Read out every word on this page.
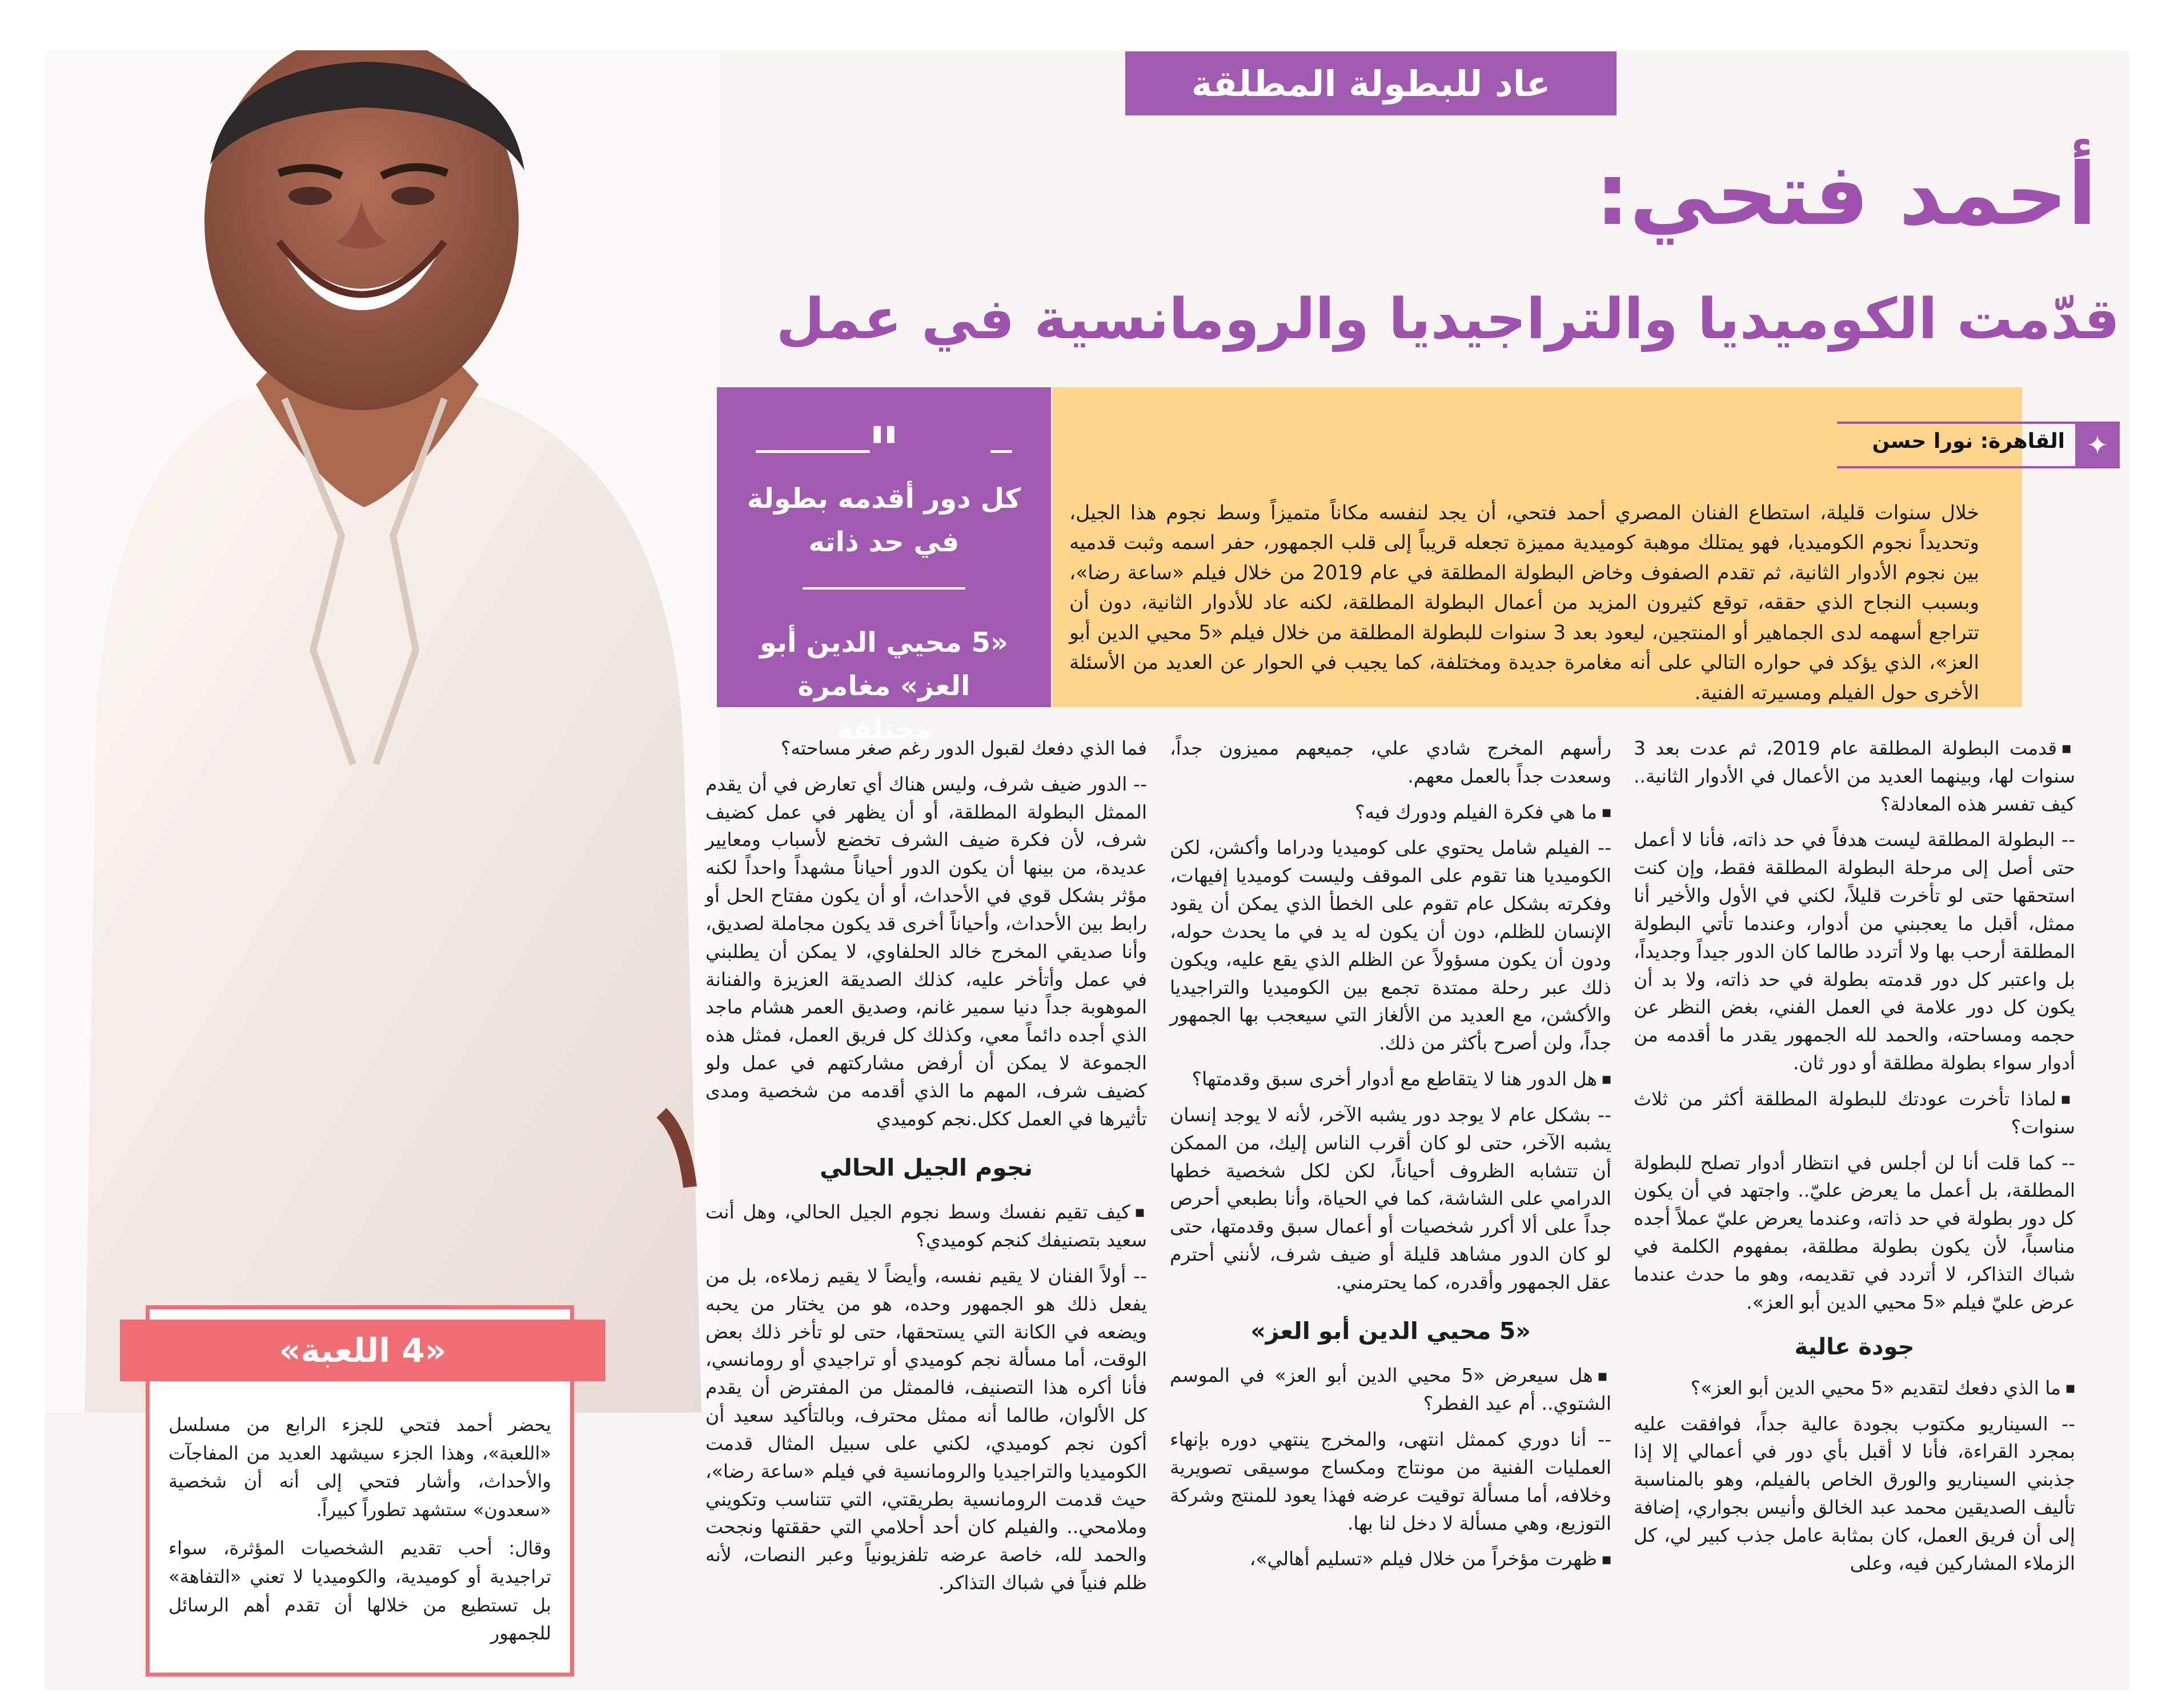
عاد للبطولة المطلقة
أحمد فتحي:
قدّمت الكوميديا والتراجيديا والرومانسية في عمل
"
كل دور أقدمه بطولة في حد ذاته
«5 محيي الدين أبو العز» مغامرة مختلفة
✦
القاهرة: نورا حسن
خلال سنوات قليلة، استطاع الفنان المصري أحمد فتحي، أن يجد لنفسه مكاناً متميزاً وسط نجوم هذا الجيل، وتحديداً نجوم الكوميديا، فهو يمتلك موهبة كوميدية مميزة تجعله قريباً إلى قلب الجمهور، حفر اسمه وثبت قدميه بين نجوم الأدوار الثانية، ثم تقدم الصفوف وخاض البطولة المطلقة في عام 2019 من خلال فيلم «ساعة رضا»، وبسبب النجاح الذي حققه، توقع كثيرون المزيد من أعمال البطولة المطلقة، لكنه عاد للأدوار الثانية، دون أن تتراجع أسهمه لدى الجماهير أو المنتجين، ليعود بعد 3 سنوات للبطولة المطلقة من خلال فيلم «5 محيي الدين أبو العز»، الذي يؤكد في حواره التالي على أنه مغامرة جديدة ومختلفة، كما يجيب في الحوار عن العديد من الأسئلة الأخرى حول الفيلم ومسيرته الفنية.

■قدمت البطولة المطلقة عام 2019، ثم عدت بعد 3 سنوات لها، وبينهما العديد من الأعمال في الأدوار الثانية.. كيف تفسر هذه المعادلة؟

-- البطولة المطلقة ليست هدفاً في حد ذاته، فأنا لا أعمل حتى أصل إلى مرحلة البطولة المطلقة فقط، وإن كنت استحقها حتى لو تأخرت قليلاً، لكني في الأول والأخير أنا ممثل، أقبل ما يعجبني من أدوار، وعندما تأتي البطولة المطلقة أرحب بها ولا أتردد طالما كان الدور جيداً وجديداً، بل واعتبر كل دور قدمته بطولة في حد ذاته، ولا بد أن يكون كل دور علامة في العمل الفني، بغض النظر عن حجمه ومساحته، والحمد لله الجمهور يقدر ما أقدمه من أدوار سواء بطولة مطلقة أو دور ثان.

■لماذا تأخرت عودتك للبطولة المطلقة أكثر من ثلاث سنوات؟

-- كما قلت أنا لن أجلس في انتظار أدوار تصلح للبطولة المطلقة، بل أعمل ما يعرض عليّ.. واجتهد في أن يكون كل دور بطولة في حد ذاته، وعندما يعرض عليّ عملاً أجده مناسباً، لأن يكون بطولة مطلقة، بمفهوم الكلمة في شباك التذاكر، لا أتردد في تقديمه، وهو ما حدث عندما عرض عليّ فيلم «5 محيي الدين أبو العز».

جودة عالية

■ما الذي دفعك لتقديم «5 محيي الدين أبو العز»؟

-- السيناريو مكتوب بجودة عالية جداً، فوافقت عليه بمجرد القراءة، فأنا لا أقبل بأي دور في أعمالي إلا إذا جذبني السيناريو والورق الخاص بالفيلم، وهو بالمناسبة تأليف الصديقين محمد عبد الخالق وأنيس بجواري، إضافة إلى أن فريق العمل، كان بمثابة عامل جذب كبير لي، كل الزملاء المشاركين فيه، وعلى

رأسهم المخرج شادي علي، جميعهم مميزون جداً، وسعدت جداً بالعمل معهم.

■ما هي فكرة الفيلم ودورك فيه؟

-- الفيلم شامل يحتوي على كوميديا ودراما وأكشن، لكن الكوميديا هنا تقوم على الموقف وليست كوميديا إفيهات، وفكرته بشكل عام تقوم على الخطأ الذي يمكن أن يقود الإنسان للظلم، دون أن يكون له يد في ما يحدث حوله، ودون أن يكون مسؤولاً عن الظلم الذي يقع عليه، ويكون ذلك عبر رحلة ممتدة تجمع بين الكوميديا والتراجيديا والأكشن، مع العديد من الألغاز التي سيعجب بها الجمهور جداً، ولن أصرح بأكثر من ذلك.

■هل الدور هنا لا يتقاطع مع أدوار أخرى سبق وقدمتها؟

-- بشكل عام لا يوجد دور يشبه الآخر، لأنه لا يوجد إنسان يشبه الآخر، حتى لو كان أقرب الناس إليك، من الممكن أن تتشابه الظروف أحياناً، لكن لكل شخصية خطها الدرامي على الشاشة، كما في الحياة، وأنا بطبعي أحرص جداً على ألا أكرر شخصيات أو أعمال سبق وقدمتها، حتى لو كان الدور مشاهد قليلة أو ضيف شرف، لأنني أحترم عقل الجمهور وأقدره، كما يحترمني.

«5 محيي الدين أبو العز»

■هل سيعرض «5 محيي الدين أبو العز» في الموسم الشتوي.. أم عيد الفطر؟

-- أنا دوري كممثل انتهى، والمخرج ينتهي دوره بإنهاء العمليات الفنية من مونتاج ومكساج موسيقى تصويرية وخلافه، أما مسألة توقيت عرضه فهذا يعود للمنتج وشركة التوزيع، وهي مسألة لا دخل لنا بها.

■ظهرت مؤخراً من خلال فيلم «تسليم أهالي»،

فما الذي دفعك لقبول الدور رغم صغر مساحته؟

-- الدور ضيف شرف، وليس هناك أي تعارض في أن يقدم الممثل البطولة المطلقة، أو أن يظهر في عمل كضيف شرف، لأن فكرة ضيف الشرف تخضع لأسباب ومعايير عديدة، من بينها أن يكون الدور أحياناً مشهداً واحداً لكنه مؤثر بشكل قوي في الأحداث، أو أن يكون مفتاح الحل أو رابط بين الأحداث، وأحياناً أخرى قد يكون مجاملة لصديق، وأنا صديقي المخرج خالد الحلفاوي، لا يمكن أن يطلبني في عمل وأتأخر عليه، كذلك الصديقة العزيزة والفنانة الموهوبة جداً دنيا سمير غانم، وصديق العمر هشام ماجد الذي أجده دائماً معي، وكذلك كل فريق العمل، فمثل هذه الجموعة لا يمكن أن أرفض مشاركتهم في عمل ولو كضيف شرف، المهم ما الذي أقدمه من شخصية ومدى تأثيرها في العمل ككل.نجم كوميدي

نجوم الجيل الحالي

■كيف تقيم نفسك وسط نجوم الجيل الحالي، وهل أنت سعيد بتصنيفك كنجم كوميدي؟

-- أولاً الفنان لا يقيم نفسه، وأيضاً لا يقيم زملاءه، بل من يفعل ذلك هو الجمهور وحده، هو من يختار من يحبه ويضعه في الكانة التي يستحقها، حتى لو تأخر ذلك بعض الوقت، أما مسألة نجم كوميدي أو تراجيدي أو رومانسي، فأنا أكره هذا التصنيف، فالممثل من المفترض أن يقدم كل الألوان، طالما أنه ممثل محترف، وبالتأكيد سعيد أن أكون نجم كوميدي، لكني على سبيل المثال قدمت الكوميديا والتراجيديا والرومانسية في فيلم «ساعة رضا»، حيث قدمت الرومانسية بطريقتي، التي تتناسب وتكويني وملامحي.. والفيلم كان أحد أحلامي التي حققتها ونجحت والحمد لله، خاصة عرضه تلفزيونياً وعبر النصات، لأنه ظلم فنياً في شباك التذاكر.

«4 اللعبة»

يحضر أحمد فتحي للجزء الرابع من مسلسل «اللعبة»، وهذا الجزء سيشهد العديد من المفاجآت والأحداث، وأشار فتحي إلى أنه أن شخصية «سعدون» ستشهد تطوراً كبيراً.

وقال: أحب تقديم الشخصيات المؤثرة، سواء تراجيدية أو كوميدية، والكوميديا لا تعني «التفاهة» بل تستطيع من خلالها أن تقدم أهم الرسائل للجمهور
